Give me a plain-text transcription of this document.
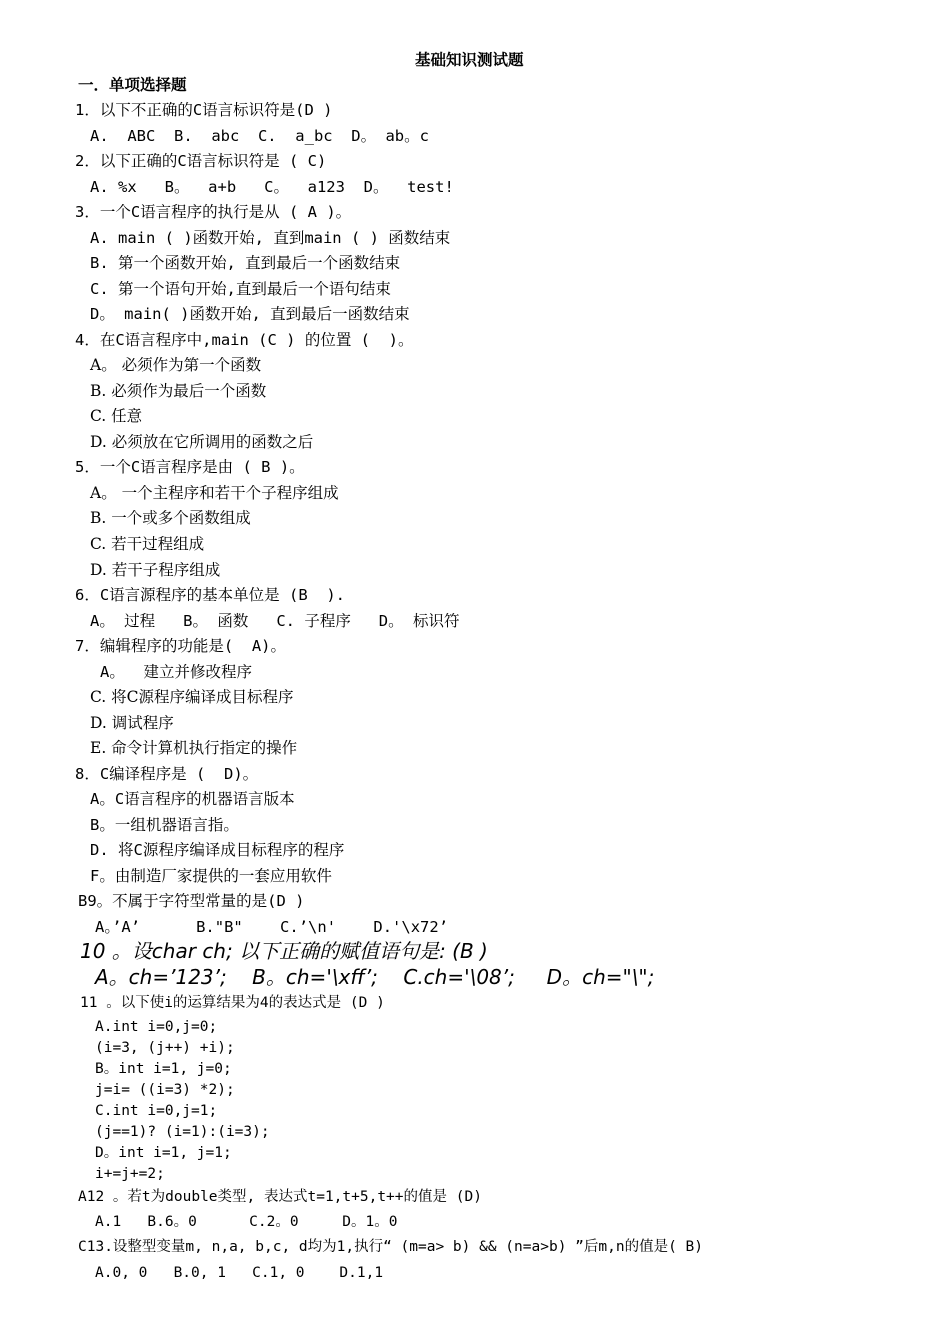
基础知识测试题
一．单项选择题
1．以下不正确的C语言标识符是(D )
A.  ABC  B.  abc  C.  a_bc  D。 ab。c
2．以下正确的C语言标识符是 ( C)
A. %x   B。  a+b   C。  a123  D。  test!
3．一个C语言程序的执行是从 ( A )。
A. main ( )函数开始, 直到main ( ) 函数结束
B. 第一个函数开始, 直到最后一个函数结束
C. 第一个语句开始,直到最后一个语句结束
D。 main( )函数开始, 直到最后一函数结束
4．在C语言程序中,main (C ) 的位置 (  )。
A。 必须作为第一个函数
B. 必须作为最后一个函数
C. 任意
D. 必须放在它所调用的函数之后
5．一个C语言程序是由 ( B )。
A。 一个主程序和若干个子程序组成
B. 一个或多个函数组成
C. 若干过程组成
D. 若干子程序组成
6．C语言源程序的基本单位是 (B  ).
A。 过程   B。 函数   C. 子程序   D。 标识符
7．编辑程序的功能是(  A)。
A。  建立并修改程序
C. 将C源程序编译成目标程序
D. 调试程序
E. 命令计算机执行指定的操作
8．C编译程序是 (  D)。
A。C语言程序的机器语言版本
B。一组机器语言指。
D. 将C源程序编译成目标程序的程序
F。由制造厂家提供的一套应用软件
B9。不属于字符型常量的是(D )
A。’A’      B."B"    C.’\n'    D.'\x72’
10 。设char ch; 以下正确的赋值语句是: (B )
A。ch=’123’;    B。ch='\xff’;    C.ch='\08’;     D。ch="\";
11 。以下使i的运算结果为4的表达式是 (D )
A.int i=0,j=0;
(i=3, (j++) +i);
B。int i=1, j=0;
j=i= ((i=3) *2);
C.int i=0,j=1;
(j==1)? (i=1):(i=3);
D。int i=1, j=1;
i+=j+=2;
A12 。若t为double类型, 表达式t=1,t+5,t++的值是 (D)
A.1   B.6。0      C.2。0     D。1。0
C13.设整型变量m, n,a, b,c, d均为1,执行“ (m=a> b) && (n=a>b) ”后m,n的值是( B)
A.0, 0   B.0, 1   C.1, 0    D.1,1
